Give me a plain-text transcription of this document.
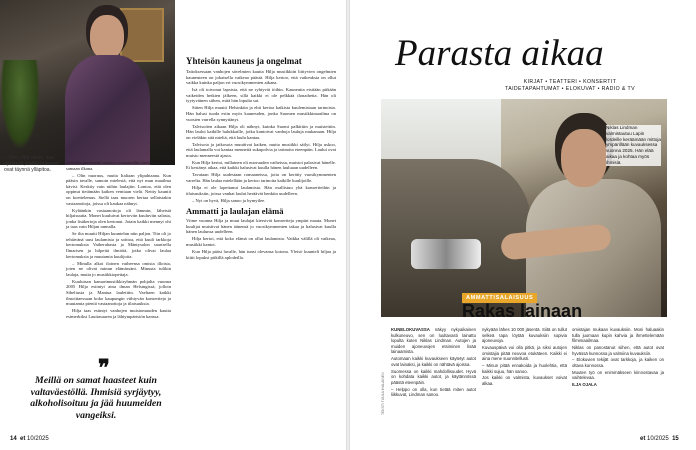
– Olen ollut silloin, kun opiskelin, kaikki huoneet ovat täynnä ylläpitoa.

tarvittiin perinneitä taistava romaaneihin laulumaan vielä samaan ilkana.

– Olin nuoruus, muita Italiaan ylipuhtaana. Kun pääsin tavalle, samoin mielestä, että nyt mun maailma kävisi. Keskity vain niihin laulajiin. Lontoo, että olen oppinut tietämään kaiken venttaan vielä. Neitty kauniit on koettelemus. Siellä taas muoren kertaa sellaisiakin vastaanottoja, joissa oli kaukaa nähnyt.

Kyläänkin vastaanottoja oli lämmin, läheistä hiljaisuutta. Monet kuuluivat kertoviin kuuluviin salasta, jonka lisäkertoja olen kertonut. Jotain kaikki mennyt ohi ja taas vain Hiljan rannalla.

Se ilta muutti Hiljan kuuntelun niin paljon. Tiin oli jo tehtävänä uusi laulamista ja soittoa, että kuuli tarkkoja kertomuksia Vaiherahasta ja Mäntysalon saarisella Ilmarisen ja hilpeitä ilmiötä, jotka olivat laulaa kertomuksia ja muutamia kuulijoita.

– Minulla alkoi iloinen vaiheensa omista illoista, joten ne olivat minun elämässäni. Minusta tulikin laulaja, mutta jo musiikkiopettaja.

Kuuluisan kamarimusiikkiryhmän pohjalta vuonna 2005 Hilja esiintyi aina ilman Helsingissä, jolloin Sibeliusta ja Mantua laulettiin. Vaeltaen kaikki ilmoittaessaan koko kaupungin viihtyvän konsertteja ja muutamia pieniä vastaanottoja ja tilaisuuksia.

Hilja taas esiintyi vanhojen muistomuuden kautta esimerkiksi Lauttasaaren ja lähiympäristön kanssa.

❞
Meillä on samat haasteet kuin valtaväestöllä. Ihmisiä syrjäytyy, alkoholisoituu ja jää huumeiden vangeiksi.
Yhteisön kauneus ja ongelmat

Taitoksessaan vanhojen sävelmien kautta Hilja musiikkiin liittyvien ongelmien kauneuteen on jokaisella vaikeaa päästä. Hilja kertoo, että vaikeuksia on ollut vaikka kuinka paljon eri vuosikymmenten aikana.

Isä oli toivonut lapsista, että ne ryhtyvät töihin. Kauneutta etsitään pitkään vaikeiden hetkien jälkeen, sillä kaikki ei ole pelkkää ilonaihetta. Hän oli tyytyväinen siihen, mitä hän lopulta sai.

Sitten Hilja muutti Helsinkiin ja ehti kertoa kaikista kuulemistaan tarinoista. Hän halusi tuoda esiin myös kauneuden, jonka Suomen musiikkimaailma on vuosien varrella synnyttänyt.

Talvisotien aikaan Hilja oli nähnyt, kuinka Suomi palkittiin ja muistettiin. Hän lauloi kaikille halukkaille, jotka kantoivat vanhoja lauluja mukanaan. Hilja on vieläkin sitä mieltä, että laulu kantaa.

Talvisota ja jatkosota muuttivat kaiken, mutta musiikki säilyi. Hilja uskoo, että laulamalla voi kantaa menneitä sukupolvia ja tarinoita eteenpäin. Laulut ovat muisto menneestä ajasta.

Kun Hilja kertoi, millainen oli nuoruuden vaiheissa, muistot palasivat hänelle. Ei kestänyt aikaa, että kaikki halusivat kuulla hänen lauluaan uudelleen.

Tavataan Hilja uudestaan romaaneissa, joita on kerätty vuosikymmenten varrelta. Hän laulaa mielellään ja kertoo tarinoita kaikille kuulijoille.

Hilja ei ole lopettanut laulamista. Hän osallistuu yhä konsertteihin ja tilaisuuksiin, joissa vanhat laulut heräävät henkiin uudelleen.

– Nyt on hyvä, Hilja sanoo ja hymyilee.

Ammatti ja laulajan elämä

Viime vuonna Hilja ja muut laulajat kiersivät konsertteja ympäri maata. Monet kuulijat muistivat hänen äänensä jo vuosikymmenten takaa ja halusivat kuulla hänen laulunsa uudelleen.

Hilja kertoi, että koko elämä on ollut laulamista. Vaikka välillä oli vaikeaa, musiikki kantoi.

Kun Hilja pääsi lavalle, hän tunsi olevansa kotona. Yleisö kuunteli hiljaa ja kiitti lopuksi pitkillä aplodeilla.

14 et 10/2025
Parasta aikaa
KIRJAT • TEATTERI • KONSERTIT
TAIDETAPAHTUMAT • ELOKUVAT • RADIO & TV
Niklas Lindman valmistautuu Lapin lordeille keräämään mittoja ympärillään kuvauksessa vuonna 2025. Hän elää aikaa ja kohtaa myös ihmisiä.
AMMATTISALAISUUS
Rakas lainaan
TEKSTI TUULA IHALAINEN

KUNELOKUVASSA näkyy nykyaikainen kulkuneuvo, sen on luultavasti lainattu lopulta kuten Niklas Lindman. Autojen ja muiden ajoneuvojen etsiminen lisää lainaamista.

Automaan kaikki kuvaukseen käytetyt autot ovat lainaksi, ja kaikki on nähtävä ajoissa.

Suomessa on kaikki mahdollisuudet. Hyvä on kohdata kaikki autot, ja käytännössä päästä eteenpäin.

– Helppo on olla, kun tietää miten autot liikkuvat, Lindman sanoo.

nykyään lähes 10 000 jäsentä. Siitä on tullut selkeä tapa löytää kuvauksiin sopivia ajoneuvoja.

Kuvauspäivä voi olla pitkä, ja siksi autojen omistajia pitää neuvoa etukäteen. Kaikki ei aina mene suunnitellusti.

– Minun pitää ennakoida ja huolehtia, että kaikki sujuu, hän sanoo.

Jos kaikki on valmista, kuvaukset voivat alkaa.

omistajan mukaan kuvauksiin. Moni haluaakin tulla juomaan kupin kahvia ja ihmettelemään filmimaailmaa.

Niklas on panostanut siihen, että autot ovat hyvässä kunnossa ja valmiina kuvauksiin.

– Elokuvien tekijät ovat tarkkoja, ja kaiken on oltava kunnossa.

Muuten työ on enimmäkseen kiinnostavaa ja vaihtelevaa.

ILJA OJALA

et 10/2025 15
